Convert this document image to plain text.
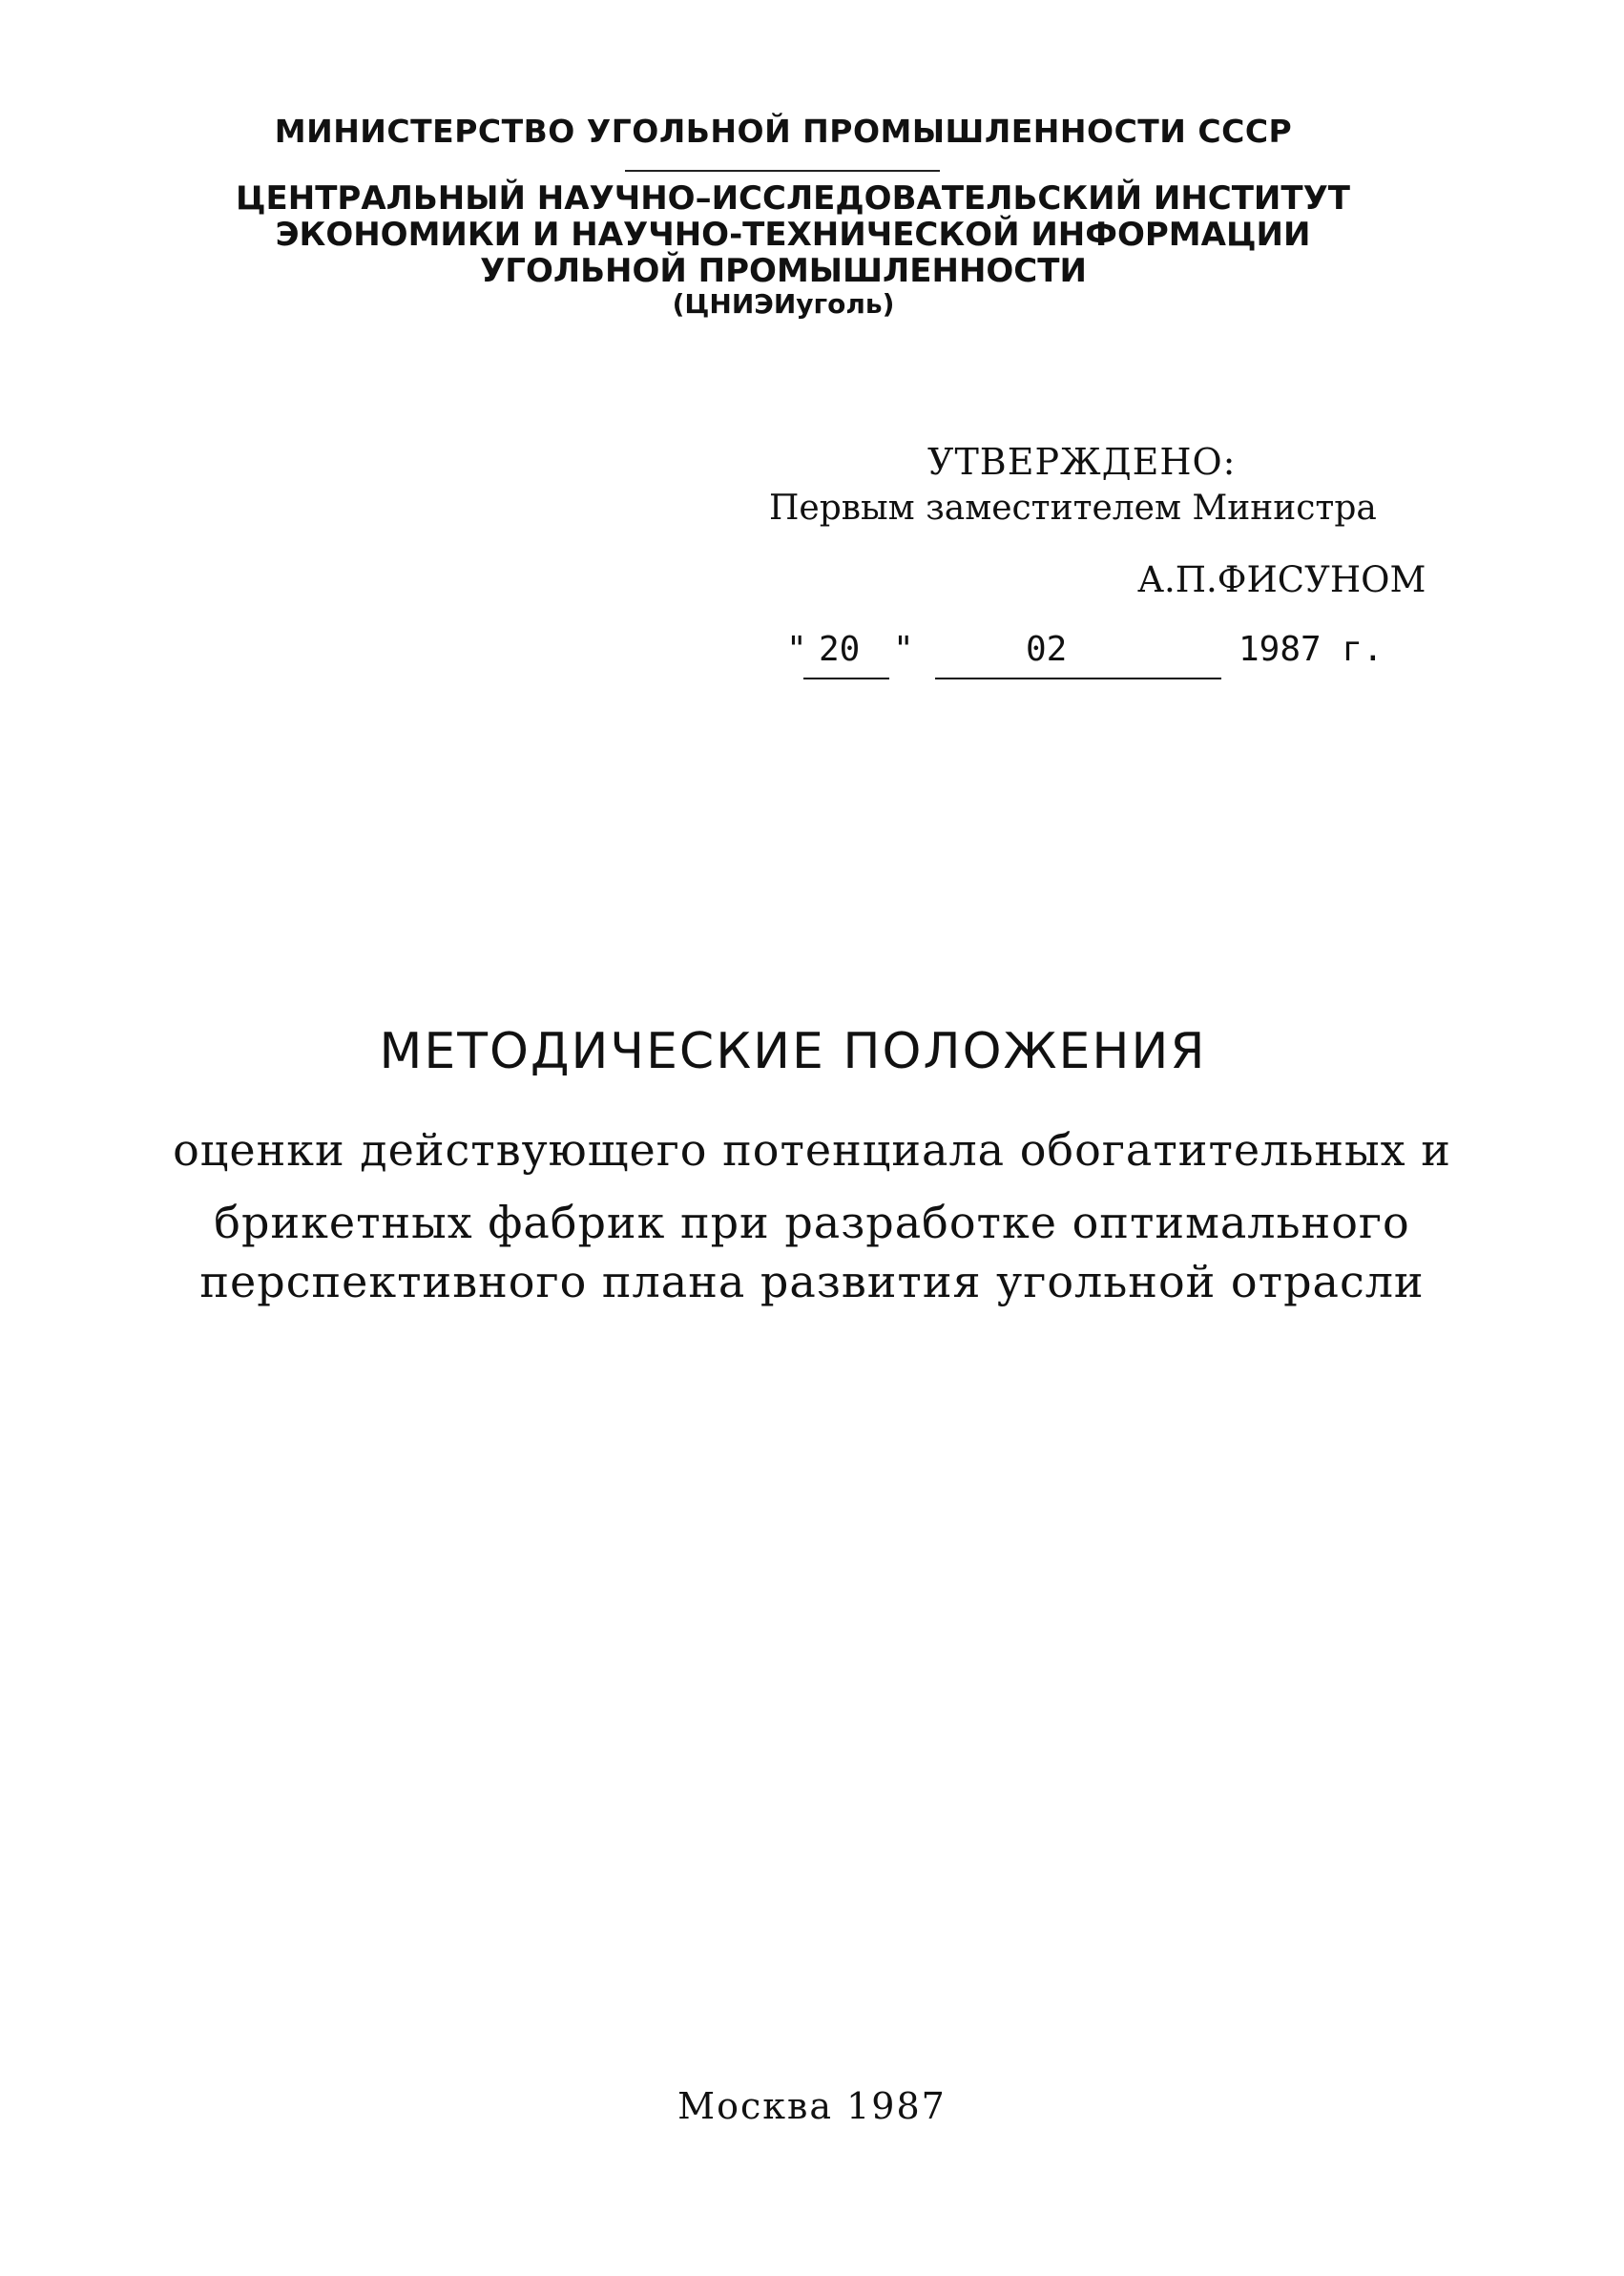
МИНИСТЕРСТВО УГОЛЬНОЙ ПРОМЫШЛЕННОСТИ СССР
ЦЕНТРАЛЬНЫЙ НАУЧНО–ИССЛЕДОВАТЕЛЬСКИЙ ИНСТИТУТ
ЭКОНОМИКИ И НАУЧНО-ТЕХНИЧЕСКОЙ ИНФОРМАЦИИ
УГОЛЬНОЙ ПРОМЫШЛЕННОСТИ
(ЦНИЭИуголь)
УТВЕРЖДЕНО:
Первым заместителем Министра
А.П.ФИСУНОМ
" 20 "	02	1987 г.
МЕТОДИЧЕСКИЕ ПОЛОЖЕНИЯ
оценки действующего потенциала обогатительных и
брикетных фабрик при разработке оптимального
перспективного плана развития угольной отрасли
Москва 1987
